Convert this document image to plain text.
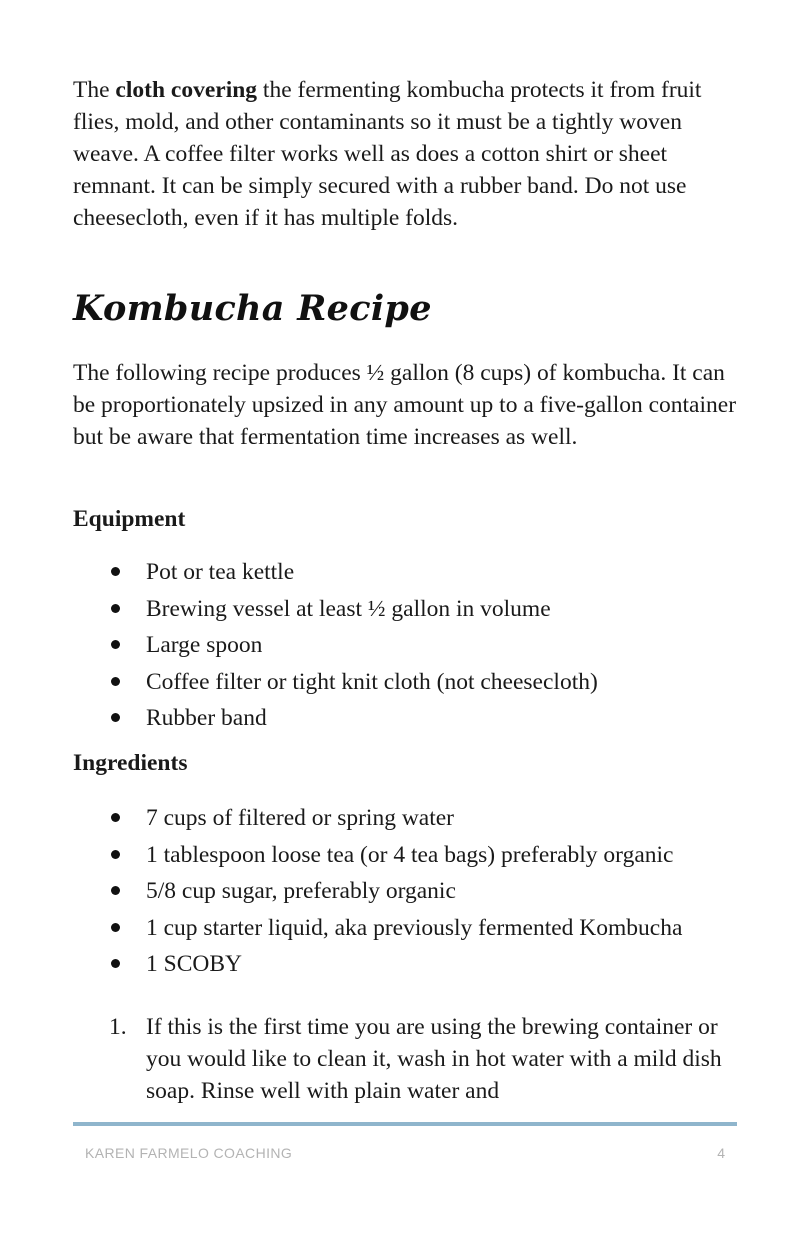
The cloth covering the fermenting kombucha protects it from fruit flies, mold, and other contaminants so it must be a tightly woven weave. A coffee filter works well as does a cotton shirt or sheet remnant. It can be simply secured with a rubber band. Do not use cheesecloth, even if it has multiple folds.

Kombucha Recipe

The following recipe produces ½ gallon (8 cups) of kombucha. It can be proportionately upsized in any amount up to a five-gallon container but be aware that fermentation time increases as well.

Equipment
Pot or tea kettle
Brewing vessel at least ½ gallon in volume
Large spoon
Coffee filter or tight knit cloth (not cheesecloth)
Rubber band
Ingredients
7 cups of filtered or spring water
1 tablespoon loose tea (or 4 tea bags) preferably organic
5/8 cup sugar, preferably organic
1 cup starter liquid, aka previously fermented Kombucha
1 SCOBY
1. If this is the first time you are using the brewing container or you would like to clean it, wash in hot water with a mild dish soap. Rinse well with plain water and
KAREN FARMELO COACHING	4
